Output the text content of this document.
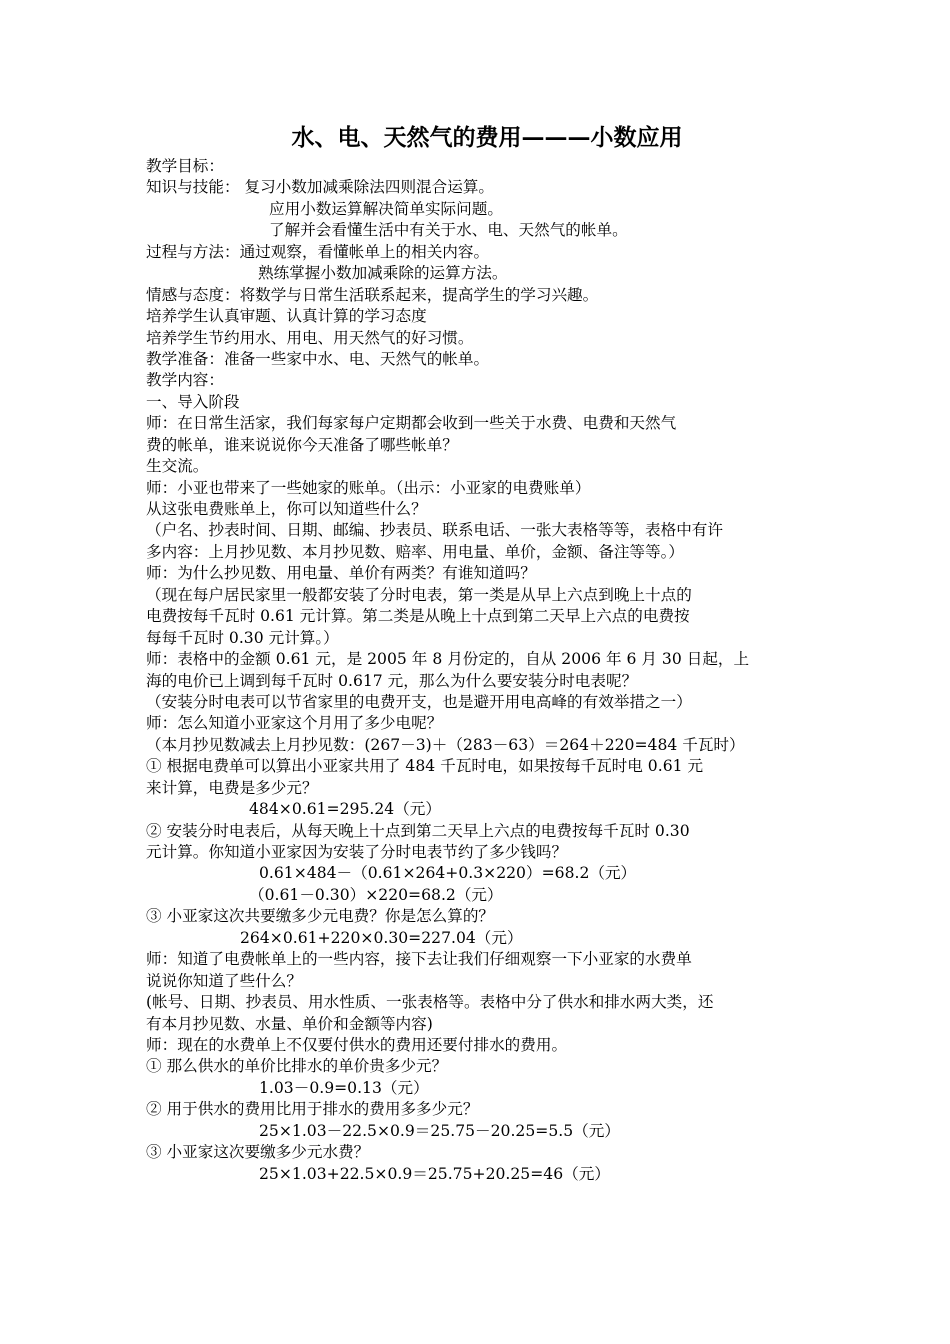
水、电、天然气的费用———小数应用
教学目标：
知识与技能： 复习小数加减乘除法四则混合运算。
应用小数运算解决简单实际问题。
了解并会看懂生活中有关于水、电、天然气的帐单。
过程与方法：通过观察，看懂帐单上的相关内容。
熟练掌握小数加减乘除的运算方法。
情感与态度：将数学与日常生活联系起来，提高学生的学习兴趣。
培养学生认真审题、认真计算的学习态度
培养学生节约用水、用电、用天然气的好习惯。
教学准备：准备一些家中水、电、天然气的帐单。
教学内容：
一、导入阶段
师：在日常生活家，我们每家每户定期都会收到一些关于水费、电费和天然气
费的帐单，谁来说说你今天准备了哪些帐单？
生交流。
师：小亚也带来了一些她家的账单。（出示：小亚家的电费账单）
从这张电费账单上，你可以知道些什么？
（户名、抄表时间、日期、邮编、抄表员、联系电话、一张大表格等等，表格中有许
多内容：上月抄见数、本月抄见数、赔率、用电量、单价，金额、备注等等。）
师：为什么抄见数、用电量、单价有两类？有谁知道吗？
（现在每户居民家里一般都安装了分时电表，第一类是从早上六点到晚上十点的
电费按每千瓦时 0.61 元计算。第二类是从晚上十点到第二天早上六点的电费按
每每千瓦时 0.30 元计算。）
师：表格中的金额 0.61 元，是 2005 年 8 月份定的，自从 2006 年 6 月 30 日起，上
海的电价已上调到每千瓦时 0.617 元，那么为什么要安装分时电表呢？
（安装分时电表可以节省家里的电费开支，也是避开用电高峰的有效举措之一）
师：怎么知道小亚家这个月用了多少电呢？
（本月抄见数减去上月抄见数：(267－3)＋（283－63）＝264＋220=484 千瓦时）
① 根据电费单可以算出小亚家共用了 484 千瓦时电，如果按每千瓦时电 0.61 元
来计算，电费是多少元？
484×0.61=295.24（元）
② 安装分时电表后，从每天晚上十点到第二天早上六点的电费按每千瓦时 0.30
元计算。你知道小亚家因为安装了分时电表节约了多少钱吗？
0.61×484－（0.61×264+0.3×220）=68.2（元）
（0.61－0.30）×220=68.2（元）
③ 小亚家这次共要缴多少元电费？你是怎么算的？
264×0.61+220×0.30=227.04（元）
师：知道了电费帐单上的一些内容，接下去让我们仔细观察一下小亚家的水费单
说说你知道了些什么？
(帐号、日期、抄表员、用水性质、一张表格等。表格中分了供水和排水两大类，还
有本月抄见数、水量、单价和金额等内容)
师：现在的水费单上不仅要付供水的费用还要付排水的费用。
① 那么供水的单价比排水的单价贵多少元？
1.03－0.9=0.13（元）
② 用于供水的费用比用于排水的费用多多少元？
25×1.03－22.5×0.9＝25.75－20.25=5.5（元）
③ 小亚家这次要缴多少元水费？
25×1.03+22.5×0.9＝25.75+20.25=46（元）
